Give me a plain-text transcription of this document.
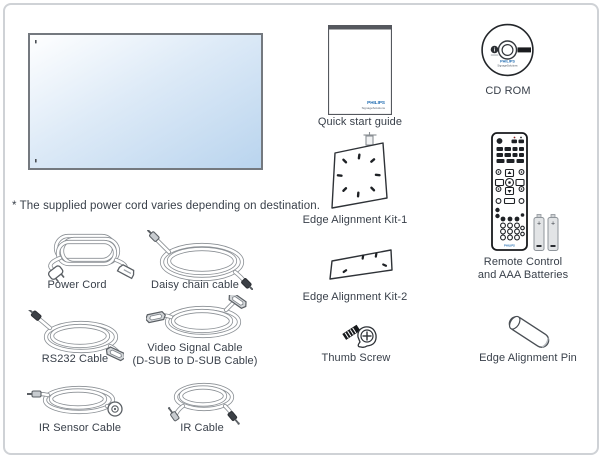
* The supplied power cord varies depending on destination.
PHILIPS
SignageSolutions
Quick start guide
i
PHILIPS
SignageSolutions
CD ROM
Edge Alignment Kit-1
Edge Alignment Kit-2
Thumb Screw	Edge Alignment Pin
PHILIPS
+ +
Remote Control
and AAA Batteries
Power Cord	Daisy chain cable
RS232 Cable
Video Signal Cable
(D-SUB to D-SUB Cable)
IR Sensor Cable	IR Cable
